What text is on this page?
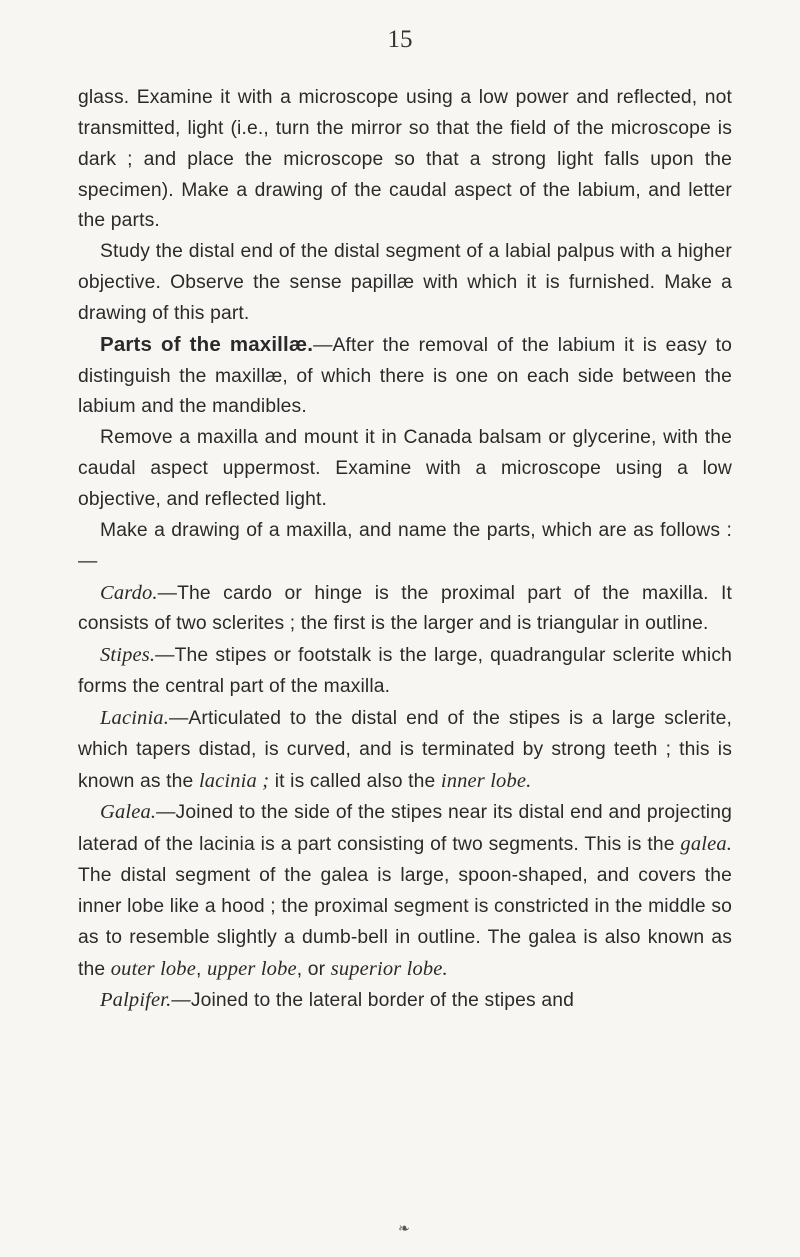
15

glass. Examine it with a microscope using a low power and reflected, not transmitted, light (i.e., turn the mirror so that the field of the microscope is dark ; and place the microscope so that a strong light falls upon the specimen). Make a drawing of the caudal aspect of the labium, and letter the parts.

Study the distal end of the distal segment of a labial palpus with a higher objective. Observe the sense papillæ with which it is furnished. Make a drawing of this part.

Parts of the maxillæ.—After the removal of the labium it is easy to distinguish the maxillæ, of which there is one on each side between the labium and the mandibles.

Remove a maxilla and mount it in Canada balsam or glycerine, with the caudal aspect uppermost. Examine with a microscope using a low objective, and reflected light.

Make a drawing of a maxilla, and name the parts, which are as follows :—

Cardo.—The cardo or hinge is the proximal part of the maxilla. It consists of two sclerites ; the first is the larger and is triangular in outline.

Stipes.—The stipes or footstalk is the large, quadrangular sclerite which forms the central part of the maxilla.

Lacinia.—Articulated to the distal end of the stipes is a large sclerite, which tapers distad, is curved, and is terminated by strong teeth ; this is known as the lacinia ; it is called also the inner lobe.

Galea.—Joined to the side of the stipes near its distal end and projecting laterad of the lacinia is a part consisting of two segments. This is the galea. The distal segment of the galea is large, spoon-shaped, and covers the inner lobe like a hood ; the proximal segment is constricted in the middle so as to resemble slightly a dumb-bell in outline. The galea is also known as the outer lobe, upper lobe, or superior lobe.

Palpifer.—Joined to the lateral border of the stipes and

❧
